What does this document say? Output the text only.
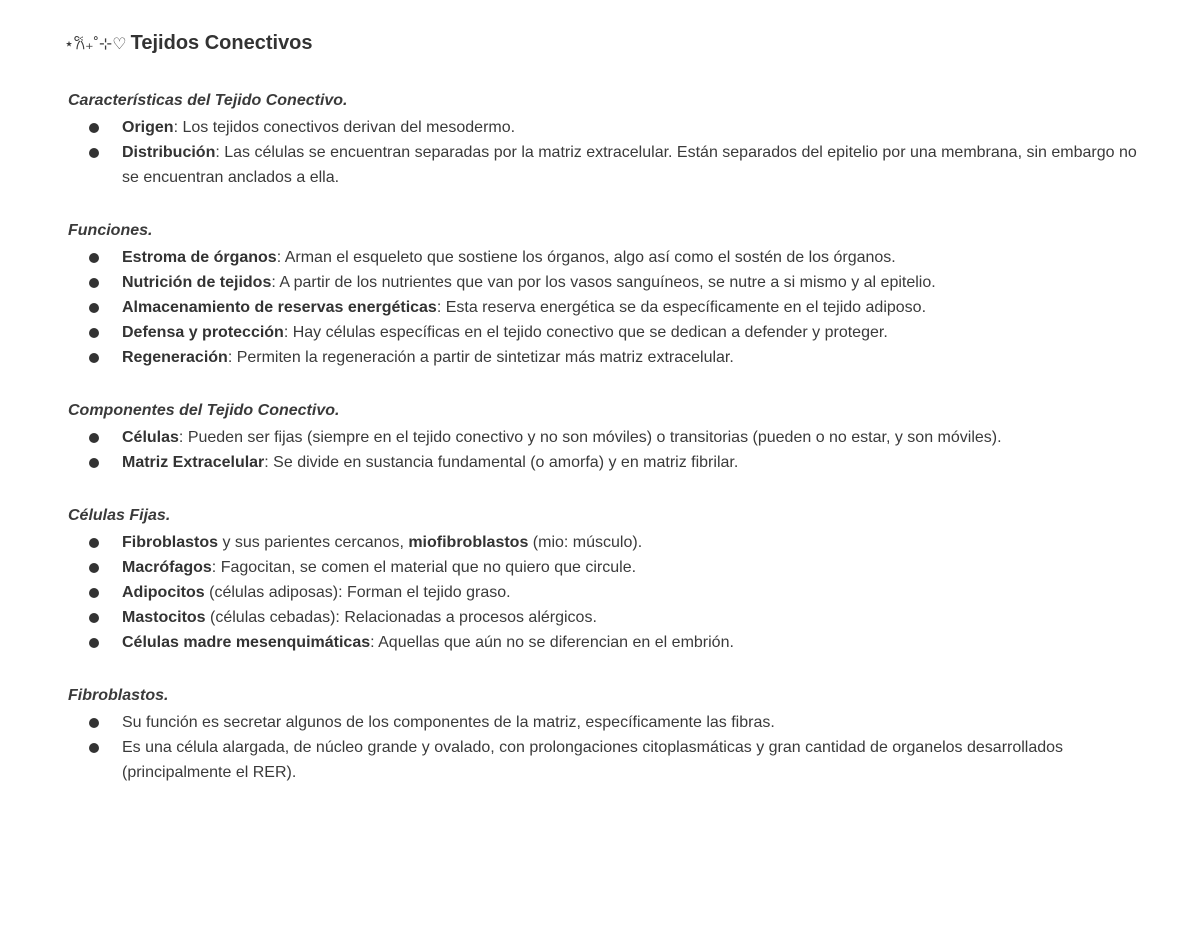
⋆𐙚₊˚⊹♡ Tejidos Conectivos
Características del Tejido Conectivo.
Origen: Los tejidos conectivos derivan del mesodermo.
Distribución: Las células se encuentran separadas por la matriz extracelular. Están separados del epitelio por una membrana, sin embargo no se encuentran anclados a ella.
Funciones.
Estroma de órganos: Arman el esqueleto que sostiene los órganos, algo así como el sostén de los órganos.
Nutrición de tejidos: A partir de los nutrientes que van por los vasos sanguíneos, se nutre a si mismo y al epitelio.
Almacenamiento de reservas energéticas: Esta reserva energética se da específicamente en el tejido adiposo.
Defensa y protección: Hay células específicas en el tejido conectivo que se dedican a defender y proteger.
Regeneración: Permiten la regeneración a partir de sintetizar más matriz extracelular.
Componentes del Tejido Conectivo.
Células: Pueden ser fijas (siempre en el tejido conectivo y no son móviles) o transitorias (pueden o no estar, y son móviles).
Matriz Extracelular: Se divide en sustancia fundamental (o amorfa) y en matriz fibrilar.
Células Fijas.
Fibroblastos y sus parientes cercanos, miofibroblastos (mio: músculo).
Macrófagos: Fagocitan, se comen el material que no quiero que circule.
Adipocitos (células adiposas): Forman el tejido graso.
Mastocitos (células cebadas): Relacionadas a procesos alérgicos.
Células madre mesenquimáticas: Aquellas que aún no se diferencian en el embrión.
Fibroblastos.
Su función es secretar algunos de los componentes de la matriz, específicamente las fibras.
Es una célula alargada, de núcleo grande y ovalado, con prolongaciones citoplasmáticas y gran cantidad de organelos desarrollados (principalmente el RER).
